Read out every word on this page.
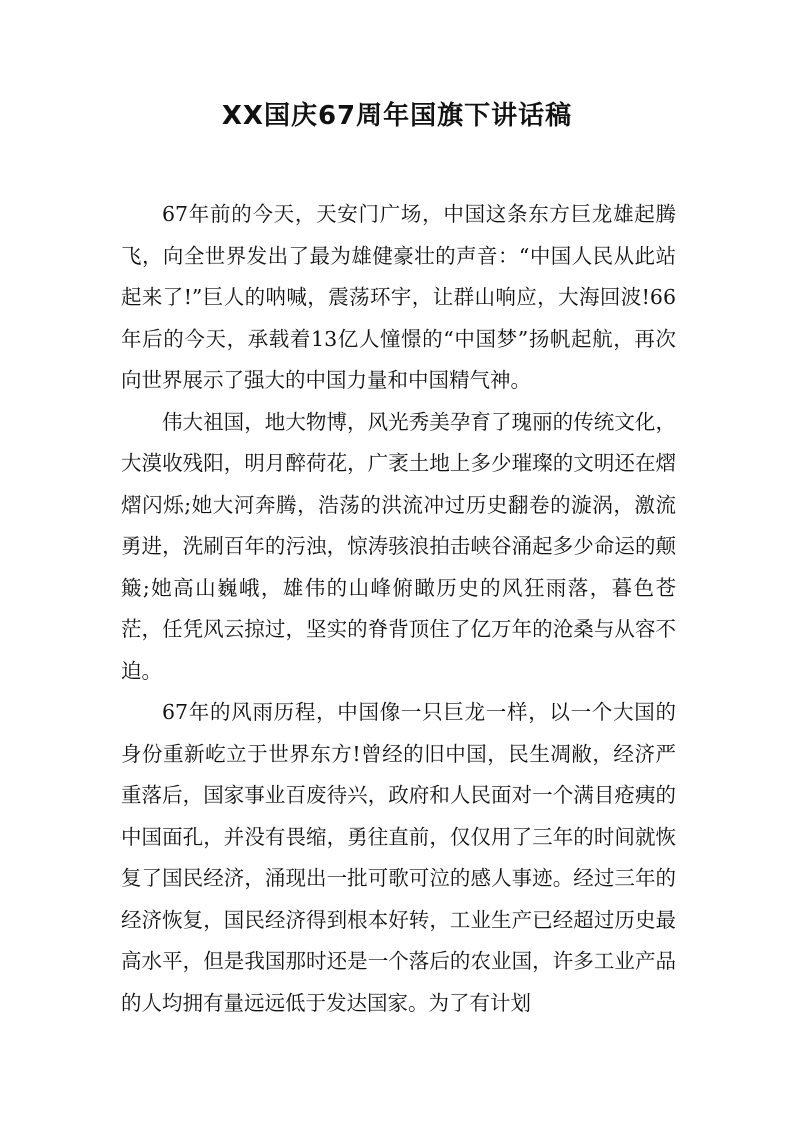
XX国庆67周年国旗下讲话稿

67年前的今天，天安门广场，中国这条东方巨龙雄起腾飞，向全世界发出了最为雄健豪壮的声音：“中国人民从此站起来了!”巨人的呐喊，震荡环宇，让群山响应，大海回波!66年后的今天，承载着13亿人憧憬的“中国梦”扬帆起航，再次向世界展示了强大的中国力量和中国精气神。

伟大祖国，地大物博，风光秀美孕育了瑰丽的传统文化，大漠收残阳，明月醉荷花，广袤土地上多少璀璨的文明还在熠熠闪烁;她大河奔腾，浩荡的洪流冲过历史翻卷的漩涡，激流勇进，洗刷百年的污浊，惊涛骇浪拍击峡谷涌起多少命运的颠簸;她高山巍峨，雄伟的山峰俯瞰历史的风狂雨落，暮色苍茫，任凭风云掠过，坚实的脊背顶住了亿万年的沧桑与从容不迫。

67年的风雨历程，中国像一只巨龙一样，以一个大国的身份重新屹立于世界东方!曾经的旧中国，民生凋敝，经济严重落后，国家事业百废待兴，政府和人民面对一个满目疮痍的中国面孔，并没有畏缩，勇往直前，仅仅用了三年的时间就恢复了国民经济，涌现出一批可歌可泣的感人事迹。经过三年的经济恢复，国民经济得到根本好转，工业生产已经超过历史最高水平，但是我国那时还是一个落后的农业国，许多工业产品的人均拥有量远远低于发达国家。为了有计划
